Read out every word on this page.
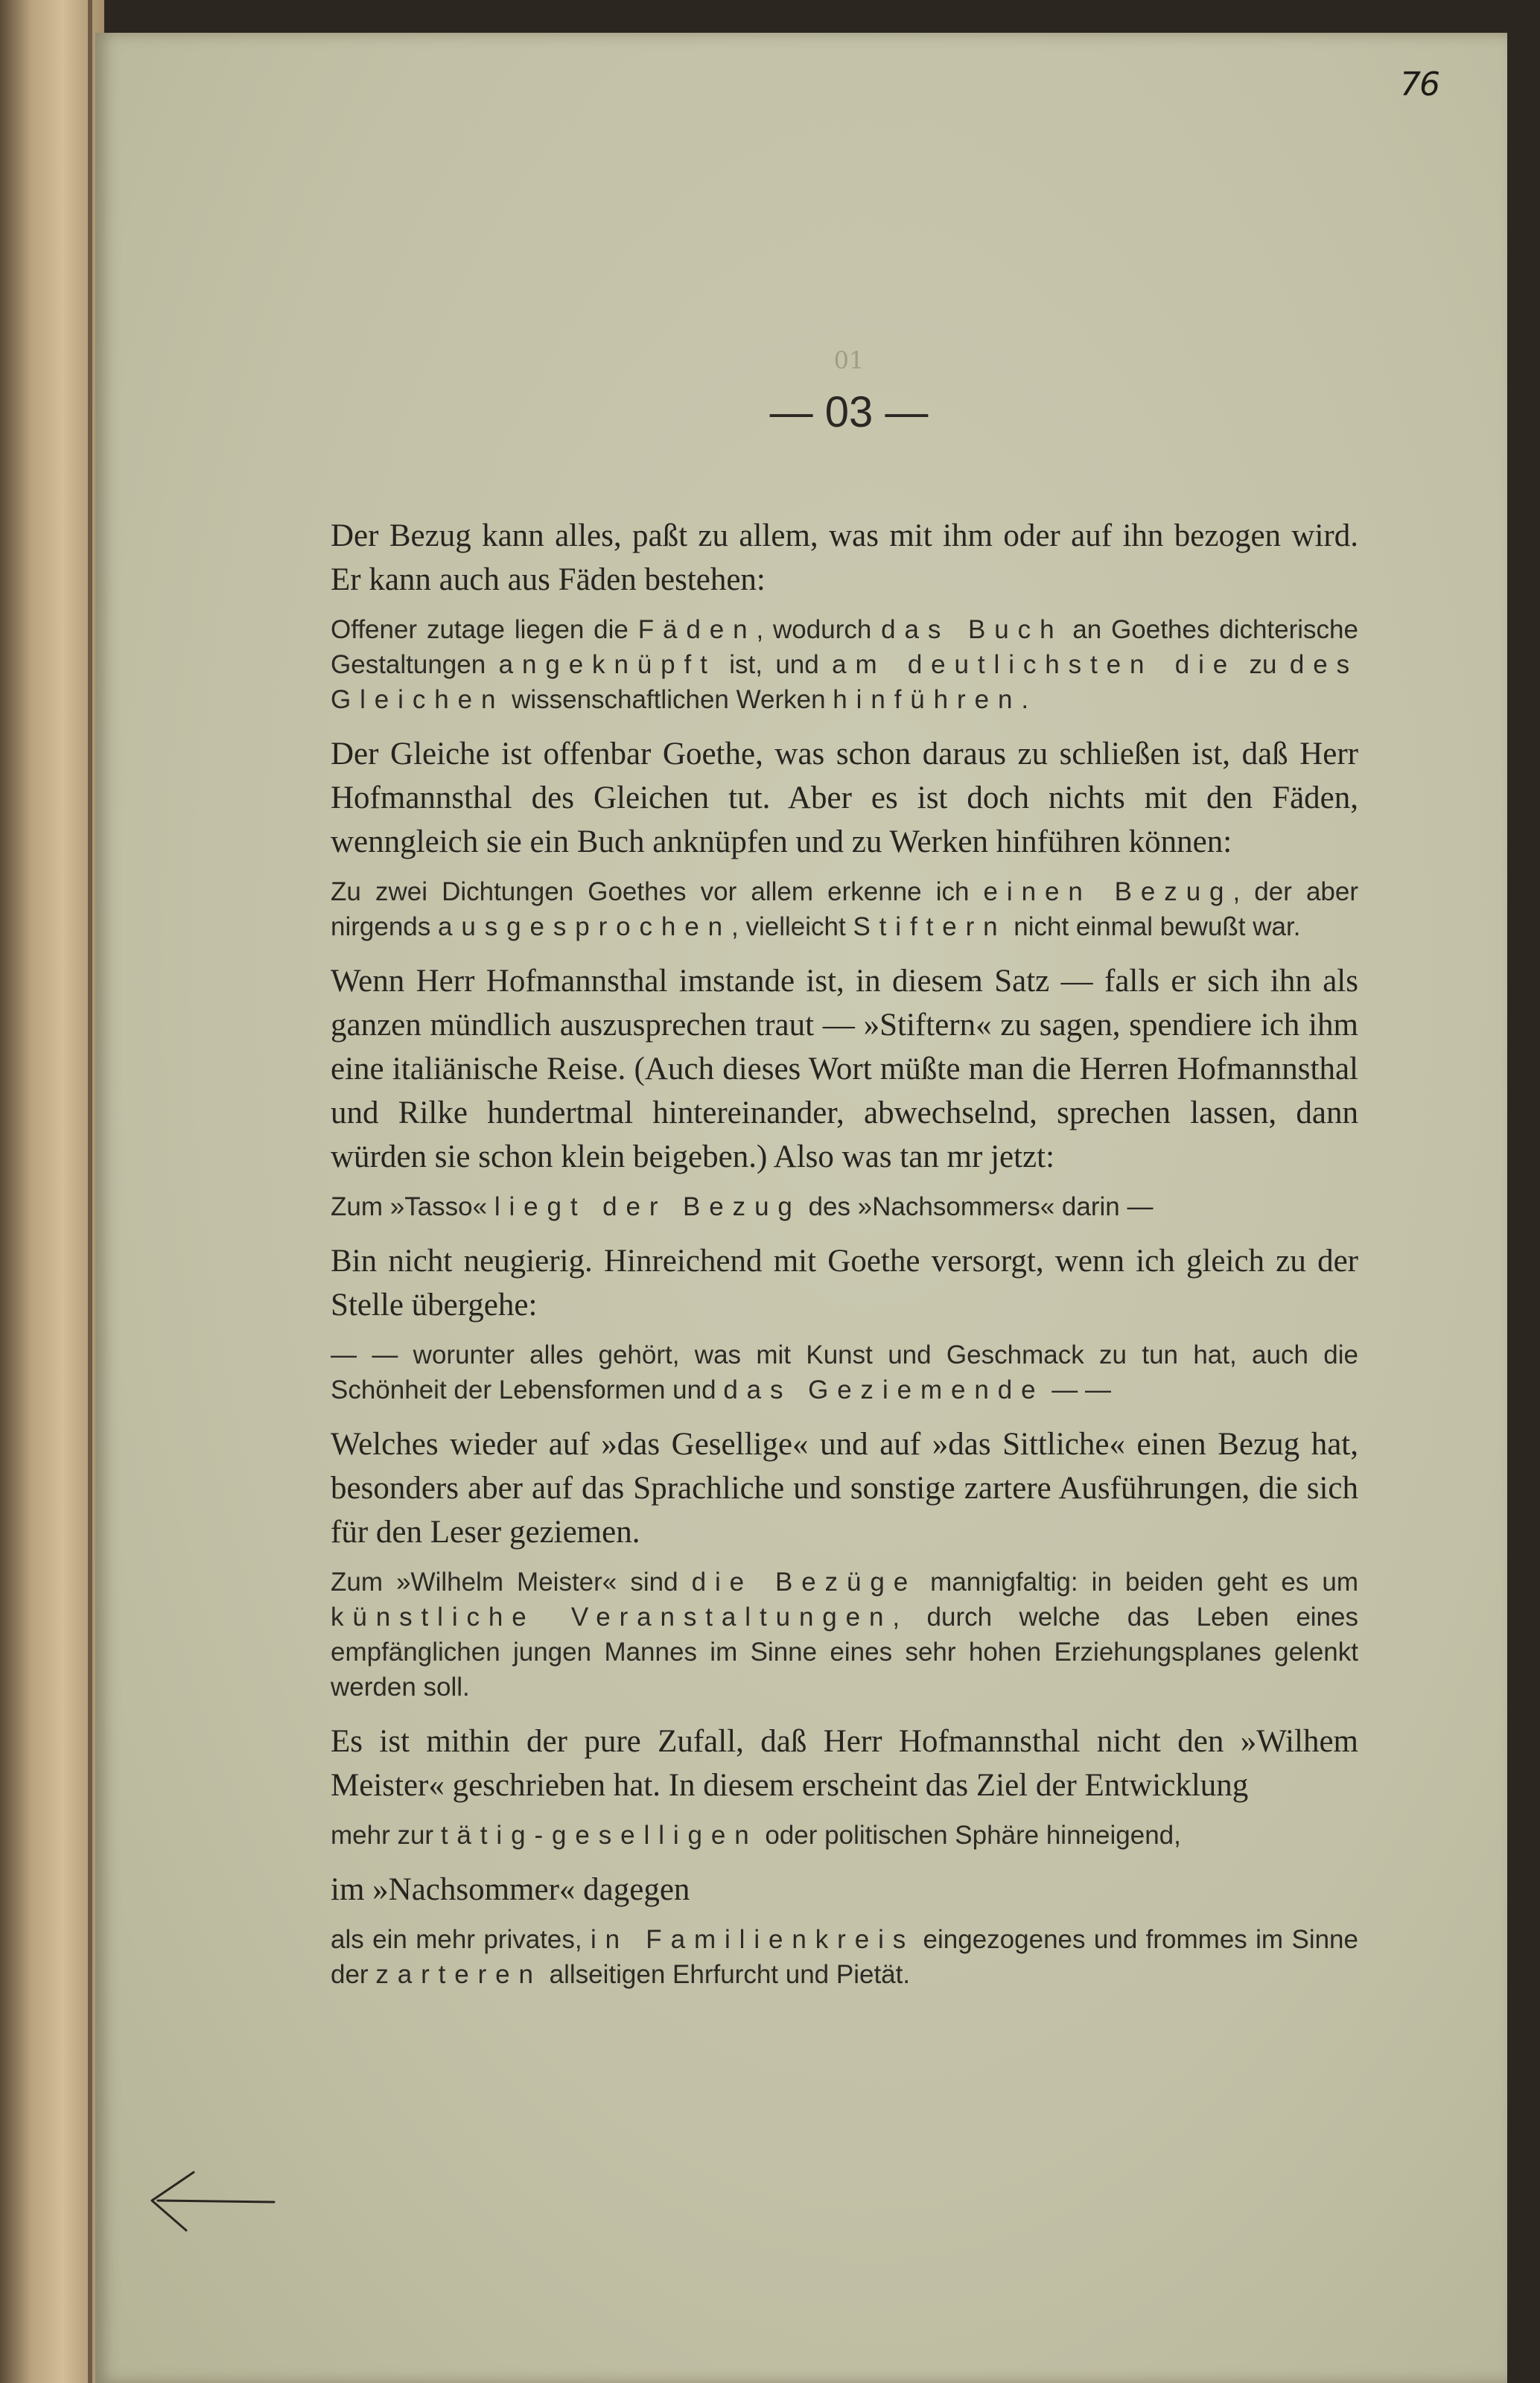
76
01
— 03 —

Der Bezug kann alles, paßt zu allem, was mit ihm oder auf ihn bezogen wird. Er kann auch aus Fäden bestehen:

Offener zutage liegen die Fäden, wodurch das Buch an Goethes dichterische Gestaltungen angeknüpft ist, und am deutlichsten die zu des Gleichen wissenschaftlichen Werken hinführen.

Der Gleiche ist offenbar Goethe, was schon daraus zu schließen ist, daß Herr Hofmannsthal des Gleichen tut. Aber es ist doch nichts mit den Fäden, wenngleich sie ein Buch anknüpfen und zu Werken hinführen können:

Zu zwei Dichtungen Goethes vor allem erkenne ich einen Bezug, der aber nirgends ausgesprochen, vielleicht Stiftern nicht einmal bewußt war.

Wenn Herr Hofmannsthal imstande ist, in diesem Satz — falls er sich ihn als ganzen mündlich auszusprechen traut — »Stiftern« zu sagen, spendiere ich ihm eine italiänische Reise. (Auch dieses Wort müßte man die Herren Hofmannsthal und Rilke hundertmal hintereinander, abwechselnd, sprechen lassen, dann würden sie schon klein beigeben.) Also was tan mr jetzt:

Zum »Tasso« liegt der Bezug des »Nachsommers« darin —

Bin nicht neugierig. Hinreichend mit Goethe versorgt, wenn ich gleich zu der Stelle übergehe:

— — worunter alles gehört, was mit Kunst und Geschmack zu tun hat, auch die Schönheit der Lebensformen und das Geziemende — —

Welches wieder auf »das Gesellige« und auf »das Sittliche« einen Bezug hat, besonders aber auf das Sprachliche und sonstige zartere Ausführungen, die sich für den Leser geziemen.

Zum »Wilhelm Meister« sind die Bezüge mannigfaltig: in beiden geht es um künstliche Veranstaltungen, durch welche das Leben eines empfänglichen jungen Mannes im Sinne eines sehr hohen Erziehungsplanes gelenkt werden soll.

Es ist mithin der pure Zufall, daß Herr Hofmannsthal nicht den »Wilhem Meister« geschrieben hat. In diesem erscheint das Ziel der Entwicklung

mehr zur tätig-geselligen oder politischen Sphäre hinneigend,

im »Nachsommer« dagegen

als ein mehr privates, in Familienkreis eingezogenes und frommes im Sinne der zarteren allseitigen Ehrfurcht und Pietät.
